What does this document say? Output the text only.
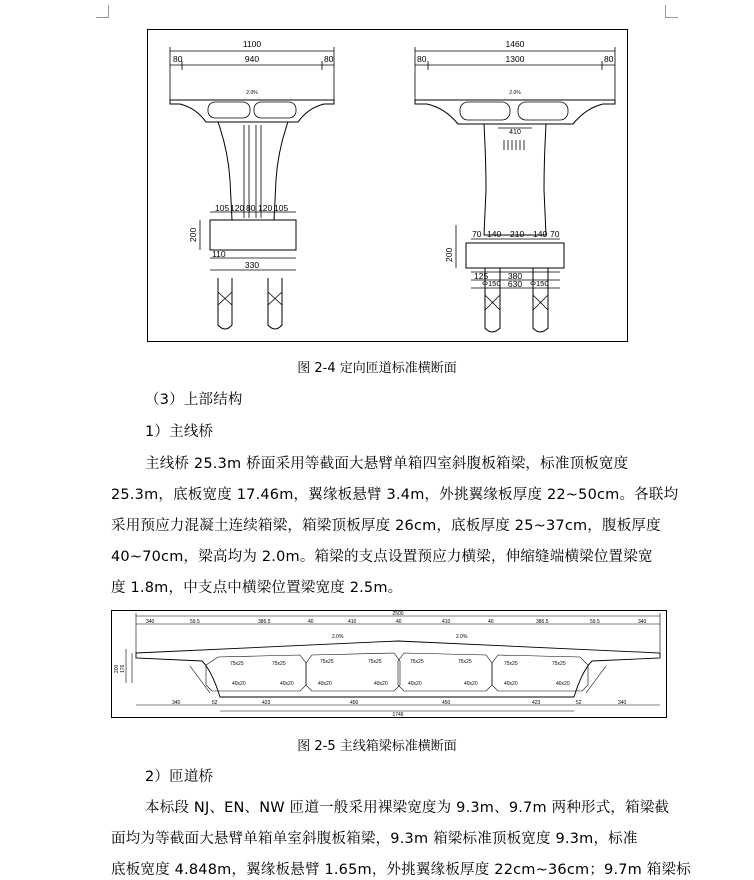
1100
940
80	80
2.0%
105 120 80 120 105
200
110
330
1460
1300
80	80
2.0%
410
70 140 210 140 70
200
125 380
630
Φ150	Φ150
图 2-4 定向匝道标准横断面
（3）上部结构
1）主线桥
主线桥 25.3m 桥面采用等截面大悬臂单箱四室斜腹板箱梁，标准顶板宽度
25.3m，底板宽度 17.46m，翼缘板悬臂 3.4m，外挑翼缘板厚度 22~50cm。各联均
采用预应力混凝土连续箱梁，箱梁顶板厚度 26cm，底板厚度 25~37cm，腹板厚度
40~70cm，梁高均为 2.0m。箱梁的支点设置预应力横梁，伸缩缝端横梁位置梁宽
度 1.8m，中支点中横梁位置梁宽度 2.5m。
2500
340	59.5	386.5	40	410	40	410	40	386.5	59.5	340
2.0%	2.0%
75x25	75x25	75x25	75x25	75x25	75x25	75x25	75x25
40x20	40x20	40x20	40x20	40x20	40x20	40x20	40x20
200 176
340	52	423	450	450	423	52	340
1746
图 2-5 主线箱梁标准横断面
2）匝道桥
本标段 NJ、EN、NW 匝道一般采用裸梁宽度为 9.3m、9.7m 两种形式，箱梁截
面均为等截面大悬臂单箱单室斜腹板箱梁，9.3m 箱梁标准顶板宽度 9.3m，标准
底板宽度 4.848m，翼缘板悬臂 1.65m，外挑翼缘板厚度 22cm~36cm；9.7m 箱梁标
